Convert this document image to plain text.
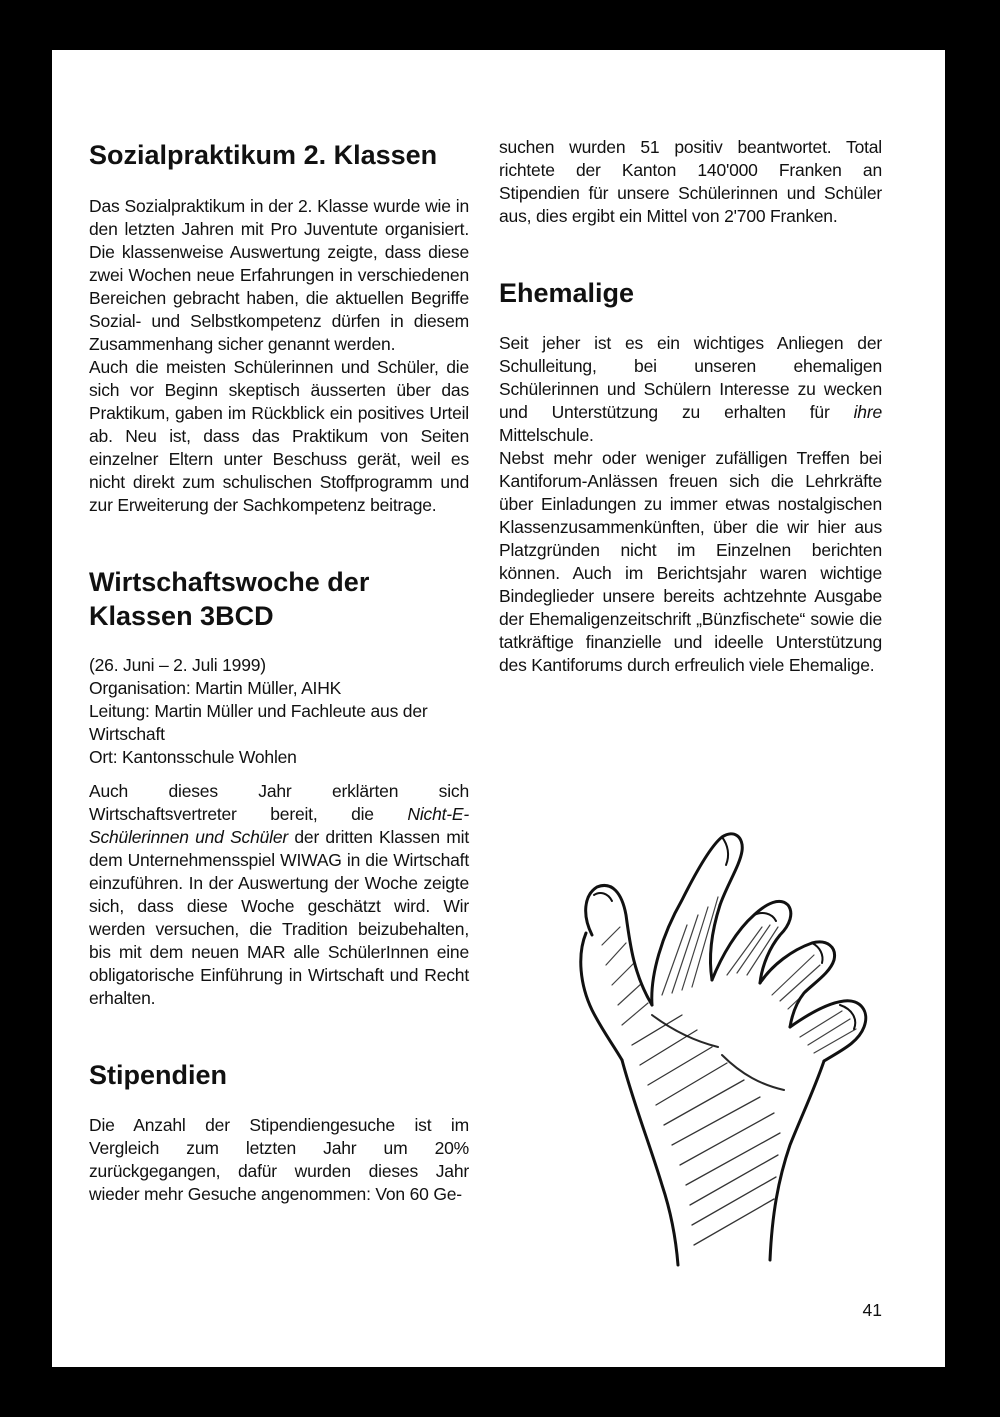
Sozialpraktikum 2. Klassen

Das Sozialpraktikum in der 2. Klasse wurde wie in den letzten Jahren mit Pro Juventute organisiert. Die klassenweise Auswertung zeigte, dass diese zwei Wochen neue Erfahrungen in verschiedenen Bereichen gebracht haben, die aktuellen Begriffe Sozial- und Selbstkompetenz dürfen in diesem Zusammenhang sicher genannt werden.

Auch die meisten Schülerinnen und Schüler, die sich vor Beginn skeptisch äusserten über das Praktikum, gaben im Rückblick ein positives Urteil ab. Neu ist, dass das Praktikum von Seiten einzelner Eltern unter Beschuss gerät, weil es nicht direkt zum schulischen Stoffprogramm und zur Erweiterung der Sachkompetenz beitrage.

Wirtschaftswoche der
Klassen 3BCD

(26. Juni – 2. Juli 1999)

Organisation: Martin Müller, AIHK

Leitung: Martin Müller und Fachleute aus der Wirtschaft

Ort: Kantonsschule Wohlen

Auch dieses Jahr erklärten sich Wirtschaftsvertreter bereit, die Nicht-E-Schülerinnen und Schüler der dritten Klassen mit dem Unternehmensspiel WIWAG in die Wirtschaft einzuführen. In der Auswertung der Woche zeigte sich, dass diese Woche geschätzt wird. Wir werden versuchen, die Tradition beizubehalten, bis mit dem neuen MAR alle SchülerInnen eine obligatorische Einführung in Wirtschaft und Recht erhalten.

Stipendien

Die Anzahl der Stipendiengesuche ist im Vergleich zum letzten Jahr um 20% zurückgegangen, dafür wurden dieses Jahr wieder mehr Gesuche angenommen: Von 60 Ge-

suchen wurden 51 positiv beantwortet. Total richtete der Kanton 140'000 Franken an Stipendien für unsere Schülerinnen und Schüler aus, dies ergibt ein Mittel von 2'700 Franken.

Ehemalige

Seit jeher ist es ein wichtiges Anliegen der Schulleitung, bei unseren ehemaligen Schülerinnen und Schülern Interesse zu wecken und Unterstützung zu erhalten für ihre Mittelschule.

Nebst mehr oder weniger zufälligen Treffen bei Kantiforum-Anlässen freuen sich die Lehrkräfte über Einladungen zu immer etwas nostalgischen Klassenzusammenkünften, über die wir hier aus Platzgründen nicht im Einzelnen berichten können. Auch im Berichtsjahr waren wichtige Bindeglieder unsere bereits achtzehnte Ausgabe der Ehemaligenzeitschrift „Bünzfischete“ sowie die tatkräftige finanzielle und ideelle Unterstützung des Kantiforums durch erfreulich viele Ehemalige.

41
